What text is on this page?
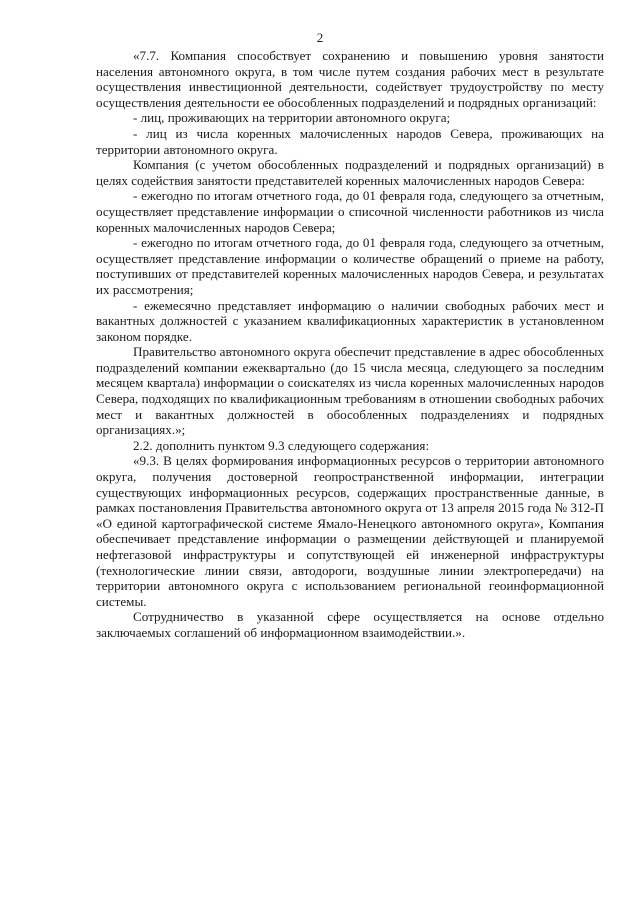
2

«7.7. Компания способствует сохранению и повышению уровня занятости населения автономного округа, в том числе путем создания рабочих мест в результате осуществления инвестиционной деятельности, содействует трудоустройству по месту осуществления деятельности ее обособленных подразделений и подрядных организаций:

- лиц, проживающих на территории автономного округа;

- лиц из числа коренных малочисленных народов Севера, проживающих на территории автономного округа.

Компания (с учетом обособленных подразделений и подрядных организаций) в целях содействия занятости представителей коренных малочисленных народов Севера:

- ежегодно по итогам отчетного года, до 01 февраля года, следующего за отчетным, осуществляет представление информации о списочной численности работников из числа коренных малочисленных народов Севера;

- ежегодно по итогам отчетного года, до 01 февраля года, следующего за отчетным, осуществляет представление информации о количестве обращений о приеме на работу, поступивших от представителей коренных малочисленных народов Севера, и результатах их рассмотрения;

- ежемесячно представляет информацию о наличии свободных рабочих мест и вакантных должностей с указанием квалификационных характеристик в установленном законом порядке.

Правительство автономного округа обеспечит представление в адрес обособленных подразделений компании ежеквартально (до 15 числа месяца, следующего за последним месяцем квартала) информации о соискателях из числа коренных малочисленных народов Севера, подходящих по квалификационным требованиям в отношении свободных рабочих мест и вакантных должностей в обособленных подразделениях и подрядных организациях.»;

2.2. дополнить пунктом 9.3 следующего содержания:

«9.3. В целях формирования информационных ресурсов о территории автономного округа, получения достоверной геопространственной информации, интеграции существующих информационных ресурсов, содержащих пространственные данные, в рамках постановления Правительства автономного округа от 13 апреля 2015 года № 312-П «О единой картографической системе Ямало-Ненецкого автономного округа», Компания обеспечивает представление информации о размещении действующей и планируемой нефтегазовой инфраструктуры и сопутствующей ей инженерной инфраструктуры (технологические линии связи, автодороги, воздушные линии электропередачи) на территории автономного округа с использованием региональной геоинформационной системы.

Сотрудничество в указанной сфере осуществляется на основе отдельно заключаемых соглашений об информационном взаимодействии.».
